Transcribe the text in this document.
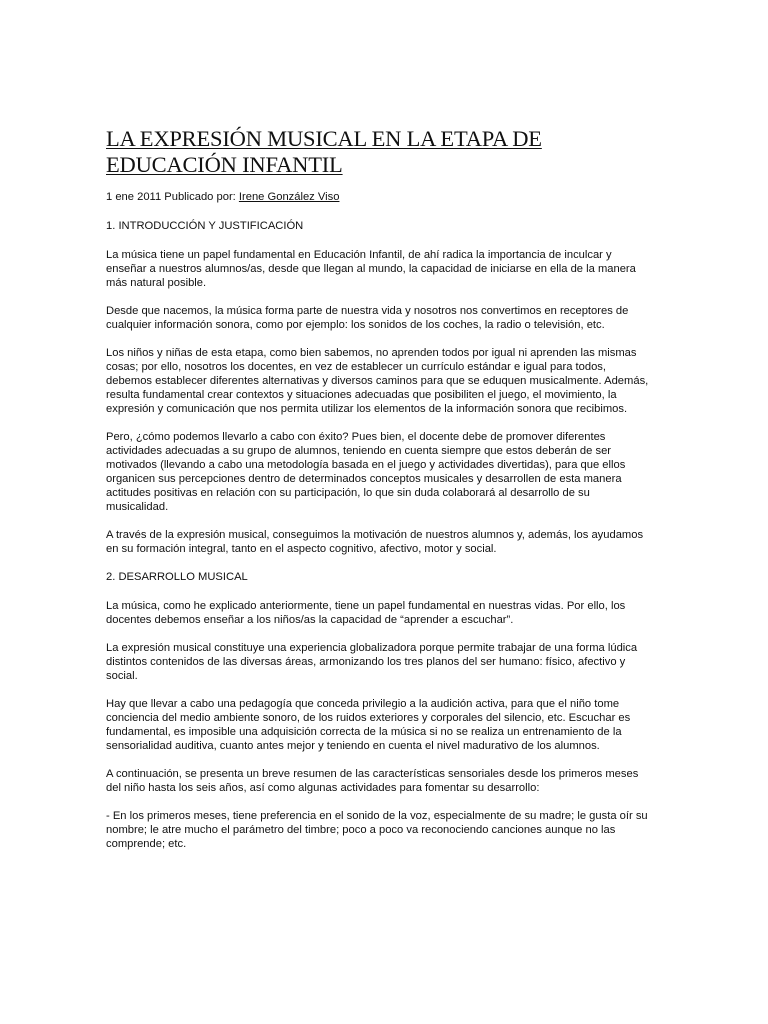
LA EXPRESIÓN MUSICAL EN LA ETAPA DE
EDUCACIÓN INFANTIL

1 ene 2011 Publicado por: Irene González Viso

1. INTRODUCCIÓN Y JUSTIFICACIÓN

La música tiene un papel fundamental en Educación Infantil, de ahí radica la importancia de inculcar y
enseñar a nuestros alumnos/as, desde que llegan al mundo, la capacidad de iniciarse en ella de la manera
más natural posible.

Desde que nacemos, la música forma parte de nuestra vida y nosotros nos convertimos en receptores de
cualquier información sonora, como por ejemplo: los sonidos de los coches, la radio o televisión, etc.

Los niños y niñas de esta etapa, como bien sabemos, no aprenden todos por igual ni aprenden las mismas
cosas; por ello, nosotros los docentes, en vez de establecer un currículo estándar e igual para todos,
debemos establecer diferentes alternativas y diversos caminos para que se eduquen musicalmente. Además,
resulta fundamental crear contextos y situaciones adecuadas que posibiliten el juego, el movimiento, la
expresión y comunicación que nos permita utilizar los elementos de la información sonora que recibimos.

Pero, ¿cómo podemos llevarlo a cabo con éxito? Pues bien, el docente debe de promover diferentes
actividades adecuadas a su grupo de alumnos, teniendo en cuenta siempre que estos deberán de ser
motivados (llevando a cabo una metodología basada en el juego y actividades divertidas), para que ellos
organicen sus percepciones dentro de determinados conceptos musicales y desarrollen de esta manera
actitudes positivas en relación con su participación, lo que sin duda colaborará al desarrollo de su
musicalidad.

A través de la expresión musical, conseguimos la motivación de nuestros alumnos y, además, los ayudamos
en su formación integral, tanto en el aspecto cognitivo, afectivo, motor y social.

2. DESARROLLO MUSICAL

La música, como he explicado anteriormente, tiene un papel fundamental en nuestras vidas. Por ello, los
docentes debemos enseñar a los niños/as la capacidad de “aprender a escuchar”.

La expresión musical constituye una experiencia globalizadora porque permite trabajar de una forma lúdica
distintos contenidos de las diversas áreas, armonizando los tres planos del ser humano: físico, afectivo y
social.

Hay que llevar a cabo una pedagogía que conceda privilegio a la audición activa, para que el niño tome
conciencia del medio ambiente sonoro, de los ruidos exteriores y corporales del silencio, etc. Escuchar es
fundamental, es imposible una adquisición correcta de la música si no se realiza un entrenamiento de la
sensorialidad auditiva, cuanto antes mejor y teniendo en cuenta el nivel madurativo de los alumnos.

A continuación, se presenta un breve resumen de las características sensoriales desde los primeros meses
del niño hasta los seis años, así como algunas actividades para fomentar su desarrollo:

- En los primeros meses, tiene preferencia en el sonido de la voz, especialmente de su madre; le gusta oír su
nombre; le atre mucho el parámetro del timbre; poco a poco va reconociendo canciones aunque no las
comprende; etc.
